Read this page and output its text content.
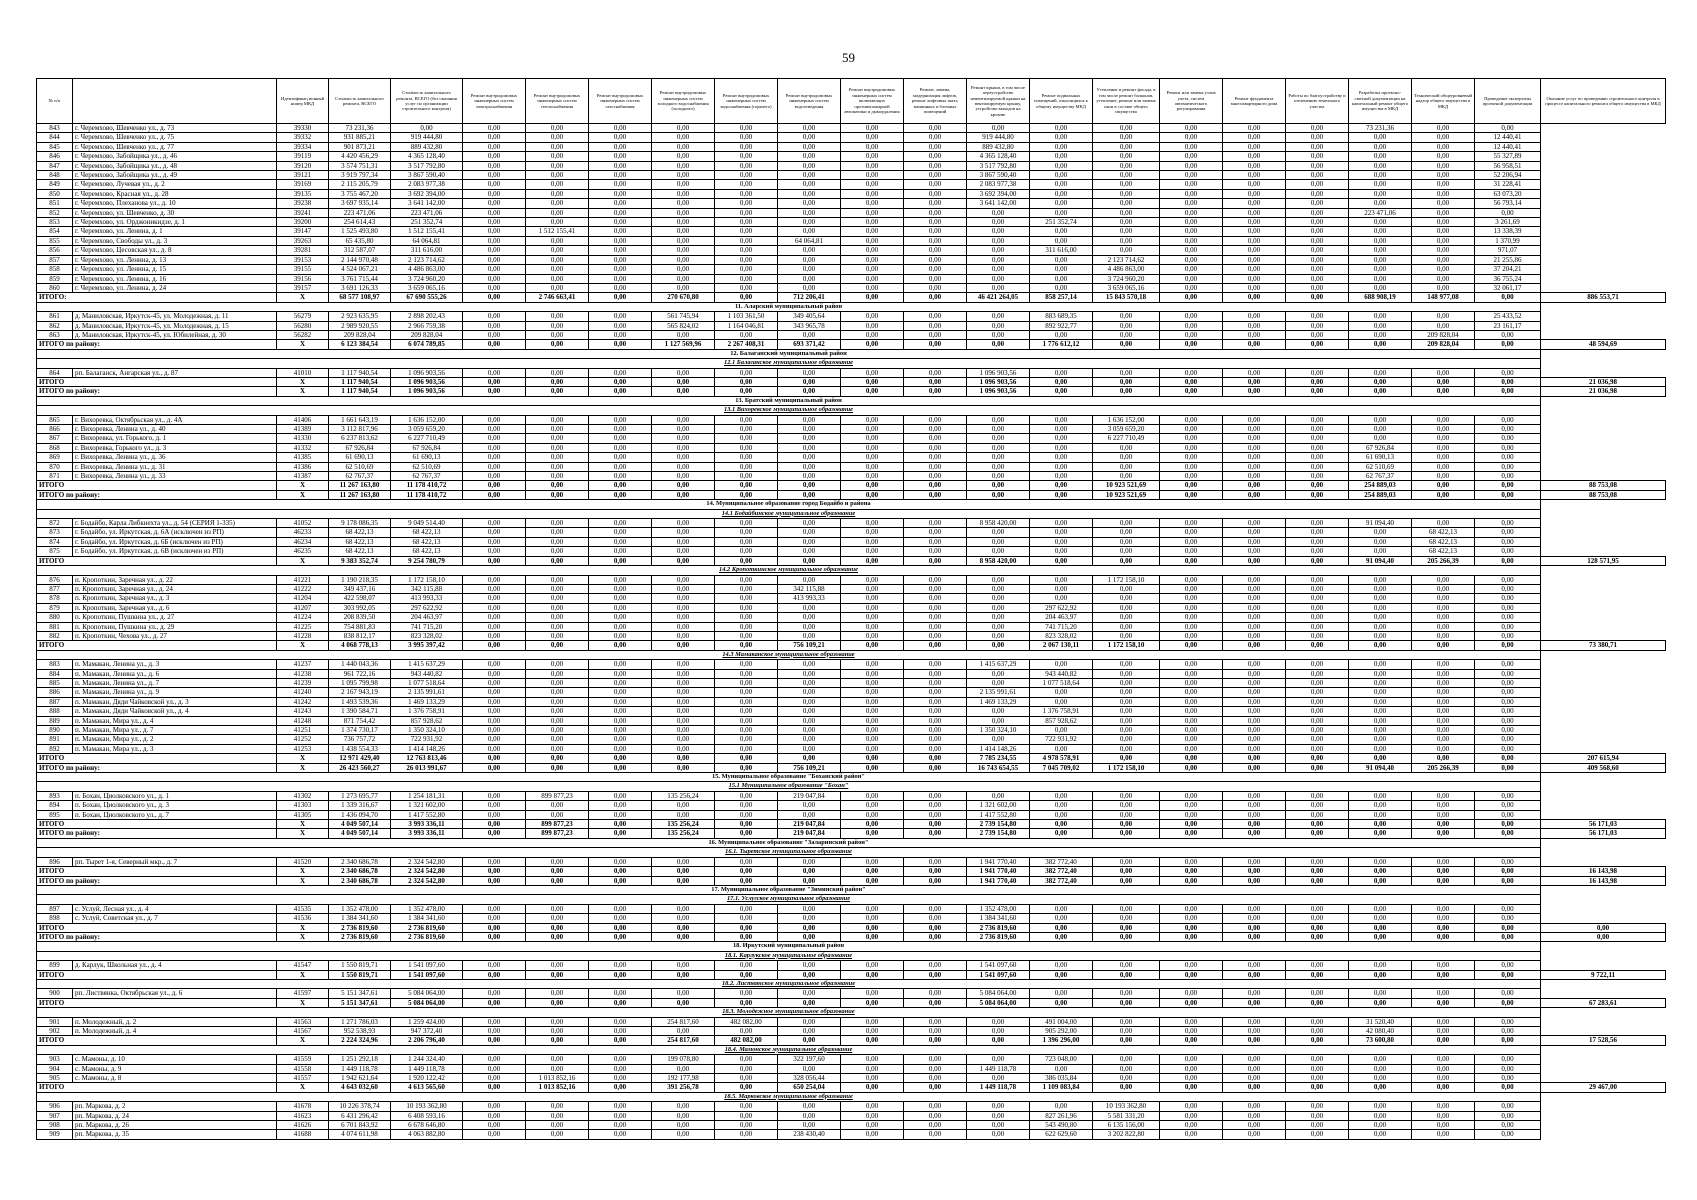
59
№ п/п		Идентификац ионный номер МКД	Стоимость капитального ремонта, ВСЕГО	Стоимость капитального ремонта, ВСЕГО (без оказания услуг по организации строительного контроля)	Ремонт внутридомовых инженерных систем электроснабжения	Ремонт внутридомовых инженерных систем теплоснабжения	Ремонт внутридомовых инженерных систем газоснабжения	Ремонт внутридомовых инженерных систем холодного водоснабжения (холодного)	Ремонт внутридомовых инженерных систем водоснабжения (горячего)	Ремонт внутридомовых инженерных систем водоотведения	Ремонт внутридомовых инженерных систем включающих противопожарной автоматики и дымоудаления	Ремонт, замена, модернизация лифтов, ремонт лифтовых шахт, машинных и блочных помещений	Ремонт крыши, в том числе переустройство невентилируемой крыши на вентилируемую крышу, устройство выходов на кровлю	Ремонт подвальных помещений, относящихся к общему имуществу МКД	Утепление и ремонт фасада, в том числе ремонт балконов, утепление, ремонт или замена окон в составе общего имущества	Ремонт или замена узлов учета, систем автоматического регулирования	Ремонт фундамента многоквартирного дома	Работы по благоустройству и озеленению земельного участка	Разработка проектно-сметной документации на капитальный ремонт общего имущества в МКД	Технический общеуровневый надзор общего имущества в МКД	Проведение экспертизы проектной документации	Оказание услуг по проведению строительного контроля в процессе капитального ремонта общего имущества в МКД
843	г. Черемхово, Шевченко ул., д. 73	39330	73 231,36	0,00	0,00	0,00	0,00	0,00	0,00	0,00	0,00	0,00	0,00	0,00	0,00	0,00	0,00	0,00	73 231,36	0,00	0,00	
844	г. Черемхово, Шевченко ул., д. 75	39332	931 885,21	919 444,80	0,00	0,00	0,00	0,00	0,00	0,00	0,00	0,00	919 444,80	0,00	0,00	0,00	0,00	0,00	0,00	0,00	12 440,41	
845	г. Черемхово, Шевченко ул., д. 77	39334	901 873,21	889 432,80	0,00	0,00	0,00	0,00	0,00	0,00	0,00	0,00	889 432,80	0,00	0,00	0,00	0,00	0,00	0,00	0,00	12 440,41	
846	г. Черемхово, Забойщика ул., д. 46	39119	4 420 456,29	4 365 128,40	0,00	0,00	0,00	0,00	0,00	0,00	0,00	0,00	4 365 128,40	0,00	0,00	0,00	0,00	0,00	0,00	0,00	55 327,89	
847	г. Черемхово, Забойщика ул., д. 48	39120	3 574 751,31	3 517 792,80	0,00	0,00	0,00	0,00	0,00	0,00	0,00	0,00	3 517 792,80	0,00	0,00	0,00	0,00	0,00	0,00	0,00	56 958,51	
848	г. Черемхово, Забойщика ул., д. 49	39121	3 919 797,34	3 867 590,40	0,00	0,00	0,00	0,00	0,00	0,00	0,00	0,00	3 867 590,40	0,00	0,00	0,00	0,00	0,00	0,00	0,00	52 206,94	
849	г. Черемхово, Лучевая ул., д. 2	39169	2 115 205,79	2 083 977,38	0,00	0,00	0,00	0,00	0,00	0,00	0,00	0,00	2 083 977,38	0,00	0,00	0,00	0,00	0,00	0,00	0,00	31 228,41	
850	г. Черемхово, Красная ул., д. 28	39135	3 755 467,20	3 692 394,00	0,00	0,00	0,00	0,00	0,00	0,00	0,00	0,00	3 692 394,00	0,00	0,00	0,00	0,00	0,00	0,00	0,00	63 073,20	
851	г. Черемхово, Плеханова ул., д. 10	39238	3 697 935,14	3 641 142,00	0,00	0,00	0,00	0,00	0,00	0,00	0,00	0,00	3 641 142,00	0,00	0,00	0,00	0,00	0,00	0,00	0,00	56 793,14	
852	г. Черемхово, ул. Шевченко, д. 30	39241	223 471,06	223 471,06	0,00	0,00	0,00	0,00	0,00	0,00	0,00	0,00	0,00	0,00	0,00	0,00	0,00	0,00	223 471,06	0,00	0,00	
853	г. Черемхово, ул. Орджоникидзе, д. 1	39200	254 614,43	251 352,74	0,00	0,00	0,00	0,00	0,00	0,00	0,00	0,00	0,00	251 352,74	0,00	0,00	0,00	0,00	0,00	0,00	3 261,69	
854	г. Черемхово, ул. Ленина, д. 1	39147	1 525 493,80	1 512 155,41	0,00	1 512 155,41	0,00	0,00	0,00	0,00	0,00	0,00	0,00	0,00	0,00	0,00	0,00	0,00	0,00	0,00	13 338,39	
855	г. Черемхово, Свободы ул., д. 3	39263	65 435,80	64 064,81	0,00	0,00	0,00	0,00	0,00	64 064,81	0,00	0,00	0,00	0,00	0,00	0,00	0,00	0,00	0,00	0,00	1 370,99	
856	г. Черемхово, Цесовская ул., д. 8	39281	312 587,07	311 616,00	0,00	0,00	0,00	0,00	0,00	0,00	0,00	0,00	0,00	311 616,00	0,00	0,00	0,00	0,00	0,00	0,00	971,07	
857	г. Черемхово, ул. Ленина, д. 13	39153	2 144 970,48	2 123 714,62	0,00	0,00	0,00	0,00	0,00	0,00	0,00	0,00	0,00	0,00	2 123 714,62	0,00	0,00	0,00	0,00	0,00	21 255,86	
858	г. Черемхово, ул. Ленина, д. 15	39155	4 524 067,21	4 486 863,00	0,00	0,00	0,00	0,00	0,00	0,00	0,00	0,00	0,00	0,00	4 486 863,00	0,00	0,00	0,00	0,00	0,00	37 204,21	
859	г. Черемхово, ул. Ленина, д. 16	39156	3 761 715,44	3 724 960,20	0,00	0,00	0,00	0,00	0,00	0,00	0,00	0,00	0,00	0,00	3 724 960,20	0,00	0,00	0,00	0,00	0,00	36 755,24	
860	г. Черемхово, ул. Ленина, д. 24	39157	3 691 126,33	3 659 065,16	0,00	0,00	0,00	0,00	0,00	0,00	0,00	0,00	0,00	0,00	3 659 065,16	0,00	0,00	0,00	0,00	0,00	32 061,17	
ИТОГО:		X	68 577 108,97	67 690 555,26	0,00	2 746 663,41	0,00	270 670,80	0,00	712 206,41	0,00	0,00	46 421 264,05	858 257,14	15 843 570,18	0,00	0,00	0,00	688 908,19	148 977,08	0,00	886 553,71
11. Аларский муниципальный район																						
861	д. Маниловская, Иркутск-45, ул. Молодежная, д. 11	56279	2 923 635,95	2 898 202,43	0,00	0,00	0,00	561 745,94	1 103 361,50	349 405,64	0,00	0,00	0,00	883 689,35	0,00	0,00	0,00	0,00	0,00	0,00	25 433,52	
862	д. Маниловская, Иркутск-45, ул. Молодежная, д. 15	56280	2 989 920,55	2 966 759,38	0,00	0,00	0,00	565 824,02	1 164 046,81	343 965,78	0,00	0,00	0,00	892 922,77	0,00	0,00	0,00	0,00	0,00	0,00	23 161,17	
863	д. Маниловская, Иркутск-45, ул. Юбилейная, д. 30	56282	209 828,04	209 828,04	0,00	0,00	0,00	0,00	0,00	0,00	0,00	0,00	0,00	0,00	0,00	0,00	0,00	0,00	0,00	209 828,04	0,00	
ИТОГО по району:		X	6 123 384,54	6 074 789,85	0,00	0,00	0,00	1 127 569,96	2 267 408,31	693 371,42	0,00	0,00	0,00	1 776 612,12	0,00	0,00	0,00	0,00	0,00	209 828,04	0,00	48 594,69
12. Балаганский муниципальный район																						
12.1 Балаганское муниципальное образование																						
864	рп. Балаганск, Ангарская ул., д. 87	41010	1 117 940,54	1 096 903,56	0,00	0,00	0,00	0,00	0,00	0,00	0,00	0,00	1 096 903,56	0,00	0,00	0,00	0,00	0,00	0,00	0,00	0,00	
ИТОГО		X	1 117 940,54	1 096 903,56	0,00	0,00	0,00	0,00	0,00	0,00	0,00	0,00	1 096 903,56	0,00	0,00	0,00	0,00	0,00	0,00	0,00	0,00	21 036,98
ИТОГО по району:		X	1 117 940,54	1 096 903,56	0,00	0,00	0,00	0,00	0,00	0,00	0,00	0,00	1 096 903,56	0,00	0,00	0,00	0,00	0,00	0,00	0,00	0,00	21 036,98
13. Братский муниципальный район																						
13.1 Вихоревское муниципальное образование																						
865	г. Вихоревка, Октябрьская ул., д. 4А	41406	1 661 643,19	1 636 152,00	0,00	0,00	0,00	0,00	0,00	0,00	0,00	0,00	0,00	0,00	1 636 152,00	0,00	0,00	0,00	0,00	0,00	0,00	
866	г. Вихоревка, Ленина ул., д. 40	41389	3 112 817,96	3 059 659,20	0,00	0,00	0,00	0,00	0,00	0,00	0,00	0,00	0,00	0,00	3 059 659,20	0,00	0,00	0,00	0,00	0,00	0,00	
867	г. Вихоревка, ул. Горького, д. 1	41330	6 237 813,62	6 227 710,49	0,00	0,00	0,00	0,00	0,00	0,00	0,00	0,00	0,00	0,00	6 227 710,49	0,00	0,00	0,00	0,00	0,00	0,00	
868	г. Вихоревка, Горького ул., д. 3	41332	67 926,84	67 926,84	0,00	0,00	0,00	0,00	0,00	0,00	0,00	0,00	0,00	0,00	0,00	0,00	0,00	0,00	67 926,84	0,00	0,00	
869	г. Вихоревка, Ленина ул., д. 36	41385	61 690,13	61 690,13	0,00	0,00	0,00	0,00	0,00	0,00	0,00	0,00	0,00	0,00	0,00	0,00	0,00	0,00	61 690,13	0,00	0,00	
870	г. Вихоревка, Ленина ул., д. 31	41386	62 510,69	62 510,69	0,00	0,00	0,00	0,00	0,00	0,00	0,00	0,00	0,00	0,00	0,00	0,00	0,00	0,00	62 510,69	0,00	0,00	
871	г. Вихоревка, Ленина ул., д. 33	41387	62 767,37	62 767,37	0,00	0,00	0,00	0,00	0,00	0,00	0,00	0,00	0,00	0,00	0,00	0,00	0,00	0,00	62 767,37	0,00	0,00	
ИТОГО		X	11 267 163,80	11 178 410,72	0,00	0,00	0,00	0,00	0,00	0,00	0,00	0,00	0,00	0,00	10 923 521,69	0,00	0,00	0,00	254 889,03	0,00	0,00	88 753,08
ИТОГО по району:		X	11 267 163,80	11 178 410,72	0,00	0,00	0,00	0,00	0,00	0,00	0,00	0,00	0,00	0,00	10 923 521,69	0,00	0,00	0,00	254 889,03	0,00	0,00	88 753,08
14. Муниципальное образование город Бодайбо и района																						
14.1 Бодайбинское муниципальное образование																						
872	г. Бодайбо, Карла Либкнехта ул., д. 54 (СЕРИЯ 1-335)	41052	9 178 086,35	9 049 514,40	0,00	0,00	0,00	0,00	0,00	0,00	0,00	0,00	8 958 420,00	0,00	0,00	0,00	0,00	0,00	91 094,40	0,00	0,00	
873	г. Бодайбо, ул. Иркутская, д. 6А (исключен из РП)	46233	68 422,13	68 422,13	0,00	0,00	0,00	0,00	0,00	0,00	0,00	0,00	0,00	0,00	0,00	0,00	0,00	0,00	0,00	68 422,13	0,00	
874	г. Бодайбо, ул. Иркутская, д. 6Б (исключен из РП)	46234	68 422,13	68 422,13	0,00	0,00	0,00	0,00	0,00	0,00	0,00	0,00	0,00	0,00	0,00	0,00	0,00	0,00	0,00	68 422,13	0,00	
875	г. Бодайбо, ул. Иркутская, д. 6В (исключен из РП)	46235	68 422,13	68 422,13	0,00	0,00	0,00	0,00	0,00	0,00	0,00	0,00	0,00	0,00	0,00	0,00	0,00	0,00	0,00	68 422,13	0,00	
ИТОГО		X	9 383 352,74	9 254 780,79	0,00	0,00	0,00	0,00	0,00	0,00	0,00	0,00	8 958 420,00	0,00	0,00	0,00	0,00	0,00	91 094,40	205 266,39	0,00	128 571,95
14.2 Кропоткинское муниципальное образование																						
876	п. Кропоткин, Заречная ул., д. 22	41221	1 190 218,35	1 172 158,10	0,00	0,00	0,00	0,00	0,00	0,00	0,00	0,00	0,00	0,00	1 172 158,10	0,00	0,00	0,00	0,00	0,00	0,00	
877	п. Кропоткин, Заречная ул., д. 24	41222	349 437,16	342 115,88	0,00	0,00	0,00	0,00	0,00	342 115,88	0,00	0,00	0,00	0,00	0,00	0,00	0,00	0,00	0,00	0,00	0,00	
878	п. Кропоткин, Заречная ул., д. 3	41204	422 598,07	413 993,33	0,00	0,00	0,00	0,00	0,00	413 993,33	0,00	0,00	0,00	0,00	0,00	0,00	0,00	0,00	0,00	0,00	0,00	
879	п. Кропоткин, Заречная ул., д. 6	41207	303 992,05	297 622,92	0,00	0,00	0,00	0,00	0,00	0,00	0,00	0,00	0,00	297 622,92	0,00	0,00	0,00	0,00	0,00	0,00	0,00	
880	п. Кропоткин, Пушкина ул., д. 27	41224	208 839,50	204 463,97	0,00	0,00	0,00	0,00	0,00	0,00	0,00	0,00	0,00	204 463,97	0,00	0,00	0,00	0,00	0,00	0,00	0,00	
881	п. Кропоткин, Пушкина ул., д. 29	41225	754 881,83	741 715,20	0,00	0,00	0,00	0,00	0,00	0,00	0,00	0,00	0,00	741 715,20	0,00	0,00	0,00	0,00	0,00	0,00	0,00	
882	п. Кропоткин, Чехова ул., д. 27	41228	838 812,17	823 328,02	0,00	0,00	0,00	0,00	0,00	0,00	0,00	0,00	0,00	823 328,02	0,00	0,00	0,00	0,00	0,00	0,00	0,00	
ИТОГО		X	4 068 778,13	3 995 397,42	0,00	0,00	0,00	0,00	0,00	756 109,21	0,00	0,00	0,00	2 067 130,11	1 172 158,10	0,00	0,00	0,00	0,00	0,00	0,00	73 380,71
14.3 Мамаканское муниципальное образование																						
883	п. Мамакан, Ленина ул., д. 3	41237	1 440 043,36	1 415 637,29	0,00	0,00	0,00	0,00	0,00	0,00	0,00	0,00	1 415 637,29	0,00	0,00	0,00	0,00	0,00	0,00	0,00	0,00	
884	п. Мамакан, Ленина ул., д. 6	41238	961 722,16	943 440,82	0,00	0,00	0,00	0,00	0,00	0,00	0,00	0,00	0,00	943 440,82	0,00	0,00	0,00	0,00	0,00	0,00	0,00	
885	п. Мамакан, Ленина ул., д. 7	41239	1 095 799,98	1 077 518,64	0,00	0,00	0,00	0,00	0,00	0,00	0,00	0,00	0,00	1 077 518,64	0,00	0,00	0,00	0,00	0,00	0,00	0,00	
886	п. Мамакан, Ленина ул., д. 9	41240	2 167 943,19	2 135 991,61	0,00	0,00	0,00	0,00	0,00	0,00	0,00	0,00	2 135 991,61	0,00	0,00	0,00	0,00	0,00	0,00	0,00	0,00	
887	п. Мамакан, Дяди Чайковской ул., д. 3	41242	1 493 539,36	1 469 133,29	0,00	0,00	0,00	0,00	0,00	0,00	0,00	0,00	1 469 133,29	0,00	0,00	0,00	0,00	0,00	0,00	0,00	0,00	
888	п. Мамакан, Дяди Чайковской ул., д. 4	41243	1 390 584,71	1 376 758,91	0,00	0,00	0,00	0,00	0,00	0,00	0,00	0,00	0,00	1 376 758,91	0,00	0,00	0,00	0,00	0,00	0,00	0,00	
889	п. Мамакан, Мира ул., д. 4	41248	871 754,42	857 928,62	0,00	0,00	0,00	0,00	0,00	0,00	0,00	0,00	0,00	857 928,62	0,00	0,00	0,00	0,00	0,00	0,00	0,00	
890	п. Мамакан, Мира ул., д. 7	41251	1 374 730,17	1 350 324,10	0,00	0,00	0,00	0,00	0,00	0,00	0,00	0,00	1 350 324,10	0,00	0,00	0,00	0,00	0,00	0,00	0,00	0,00	
891	п. Мамакан, Мира ул., д. 2	41252	736 757,72	722 931,92	0,00	0,00	0,00	0,00	0,00	0,00	0,00	0,00	0,00	722 931,92	0,00	0,00	0,00	0,00	0,00	0,00	0,00	
892	п. Мамакан, Мира ул., д. 3	41253	1 438 554,33	1 414 148,26	0,00	0,00	0,00	0,00	0,00	0,00	0,00	0,00	1 414 148,26	0,00	0,00	0,00	0,00	0,00	0,00	0,00	0,00	
ИТОГО		X	12 971 429,40	12 763 813,46	0,00	0,00	0,00	0,00	0,00	0,00	0,00	0,00	7 785 234,55	4 978 578,91	0,00	0,00	0,00	0,00	0,00	0,00	0,00	207 615,94
ИТОГО по району:		X	26 423 560,27	26 013 991,67	0,00	0,00	0,00	0,00	0,00	756 109,21	0,00	0,00	16 743 654,55	7 045 709,02	1 172 158,10	0,00	0,00	0,00	91 094,40	205 266,39	0,00	409 568,60
15. Муниципальное образование "Боханский район"																						
15.1 Муниципальное образование "Бохан"																						
893	п. Бохан, Циолковского ул., д. 1	41302	1 273 695,77	1 254 181,31	0,00	899 877,23	0,00	135 256,24	0,00	219 047,84	0,00	0,00	0,00	0,00	0,00	0,00	0,00	0,00	0,00	0,00	0,00	
894	п. Бохан, Циолковского ул., д. 3	41303	1 339 316,67	1 321 602,00	0,00	0,00	0,00	0,00	0,00	0,00	0,00	0,00	1 321 602,00	0,00	0,00	0,00	0,00	0,00	0,00	0,00	0,00	
895	п. Бохан, Циолковского ул., д. 7	41305	1 436 094,70	1 417 552,80	0,00	0,00	0,00	0,00	0,00	0,00	0,00	0,00	1 417 552,80	0,00	0,00	0,00	0,00	0,00	0,00	0,00	0,00	
ИТОГО		X	4 049 507,14	3 993 336,11	0,00	899 877,23	0,00	135 256,24	0,00	219 047,84	0,00	0,00	2 739 154,80	0,00	0,00	0,00	0,00	0,00	0,00	0,00	0,00	56 171,03
ИТОГО по району:		X	4 049 507,14	3 993 336,11	0,00	899 877,23	0,00	135 256,24	0,00	219 047,84	0,00	0,00	2 739 154,80	0,00	0,00	0,00	0,00	0,00	0,00	0,00	0,00	56 171,03
16. Муниципальное образование "Заларинский район"																						
16.1. Тыретское муниципальное образование																						
896	рп. Тырет 1-я, Северный мкр., д. 7	41520	2 340 686,78	2 324 542,80	0,00	0,00	0,00	0,00	0,00	0,00	0,00	0,00	1 941 770,40	382 772,40	0,00	0,00	0,00	0,00	0,00	0,00	0,00	
ИТОГО		X	2 340 686,78	2 324 542,80	0,00	0,00	0,00	0,00	0,00	0,00	0,00	0,00	1 941 770,40	382 772,40	0,00	0,00	0,00	0,00	0,00	0,00	0,00	16 143,98
ИТОГО по району:		X	2 340 686,78	2 324 542,80	0,00	0,00	0,00	0,00	0,00	0,00	0,00	0,00	1 941 770,40	382 772,40	0,00	0,00	0,00	0,00	0,00	0,00	0,00	16 143,98
17. Муниципальное образование "Зиминский район"																						
17.1. Услугское муниципальное образование																						
897	с. Услуй, Лесная ул., д. 4	41535	1 352 478,00	1 352 478,00	0,00	0,00	0,00	0,00	0,00	0,00	0,00	0,00	1 352 478,00	0,00	0,00	0,00	0,00	0,00	0,00	0,00	0,00	
898	с. Услуй, Советская ул., д. 7	41536	1 384 341,60	1 384 341,60	0,00	0,00	0,00	0,00	0,00	0,00	0,00	0,00	1 384 341,60	0,00	0,00	0,00	0,00	0,00	0,00	0,00	0,00	
ИТОГО		X	2 736 819,60	2 736 819,60	0,00	0,00	0,00	0,00	0,00	0,00	0,00	0,00	2 736 819,60	0,00	0,00	0,00	0,00	0,00	0,00	0,00	0,00	0,00
ИТОГО по району:		X	2 736 819,60	2 736 819,60	0,00	0,00	0,00	0,00	0,00	0,00	0,00	0,00	2 736 819,60	0,00	0,00	0,00	0,00	0,00	0,00	0,00	0,00	0,00
18. Иркутский муниципальный район																						
18.1. Карлукское муниципальное образование																						
899	д. Карлук, Школьная ул., д. 4	41547	1 550 819,71	1 541 097,60	0,00	0,00	0,00	0,00	0,00	0,00	0,00	0,00	1 541 097,60	0,00	0,00	0,00	0,00	0,00	0,00	0,00	0,00	
ИТОГО		X	1 550 819,71	1 541 097,60	0,00	0,00	0,00	0,00	0,00	0,00	0,00	0,00	1 541 097,60	0,00	0,00	0,00	0,00	0,00	0,00	0,00	0,00	9 722,11
18.2. Листвянское муниципальное образование																						
900	рп. Листвянка, Октябрьская ул., д. 6	41597	5 151 347,61	5 084 064,00	0,00	0,00	0,00	0,00	0,00	0,00	0,00	0,00	5 084 064,00	0,00	0,00	0,00	0,00	0,00	0,00	0,00	0,00	
ИТОГО		X	5 151 347,61	5 084 064,00	0,00	0,00	0,00	0,00	0,00	0,00	0,00	0,00	5 084 064,00	0,00	0,00	0,00	0,00	0,00	0,00	0,00	0,00	67 283,61
18.3. Молодежное муниципальное образование																						
901	п. Молодежный, д. 2	41563	1 271 786,03	1 259 424,00	0,00	0,00	0,00	254 817,60	482 082,00	0,00	0,00	0,00	0,00	491 004,00	0,00	0,00	0,00	0,00	31 520,40	0,00	0,00	
902	п. Молодежный, д. 4	41567	952 538,93	947 372,40	0,00	0,00	0,00	0,00	0,00	0,00	0,00	0,00	0,00	905 292,00	0,00	0,00	0,00	0,00	42 080,40	0,00	0,00	
ИТОГО		X	2 224 324,96	2 206 796,40	0,00	0,00	0,00	254 817,60	482 082,00	0,00	0,00	0,00	0,00	1 396 296,00	0,00	0,00	0,00	0,00	73 600,80	0,00	0,00	17 528,56
18.4. Мамонское муниципальное образование																						
903	с. Мамоны, д. 10	41559	1 251 292,18	1 244 324,40	0,00	0,00	0,00	199 078,80	0,00	322 197,60	0,00	0,00	0,00	723 048,00	0,00	0,00	0,00	0,00	0,00	0,00	0,00	
904	с. Мамоны, д. 9	41558	1 449 118,78	1 449 118,78	0,00	0,00	0,00	0,00	0,00	0,00	0,00	0,00	1 449 118,78	0,00	0,00	0,00	0,00	0,00	0,00	0,00	0,00	
905	с. Мамоны, д. 8	41557	1 942 621,64	1 920 122,42	0,00	1 013 852,16	0,00	192 177,98	0,00	328 056,44	0,00	0,00	0,00	386 035,84	0,00	0,00	0,00	0,00	0,00	0,00	0,00	
ИТОГО		X	4 643 032,60	4 613 565,60	0,00	1 013 852,16	0,00	391 256,78	0,00	650 254,04	0,00	0,00	1 449 118,78	1 109 083,84	0,00	0,00	0,00	0,00	0,00	0,00	0,00	29 467,00
18.5. Марковское муниципальное образование																						
906	рп. Маркова, д. 2	41678	10 226 378,74	10 193 362,80	0,00	0,00	0,00	0,00	0,00	0,00	0,00	0,00	0,00	0,00	10 193 362,80	0,00	0,00	0,00	0,00	0,00	0,00	
907	рп. Маркова, д. 24	41623	6 431 296,42	6 408 593,16	0,00	0,00	0,00	0,00	0,00	0,00	0,00	0,00	0,00	827 261,96	5 581 331,20	0,00	0,00	0,00	0,00	0,00	0,00	
908	рп. Маркова, д. 26	41626	6 701 843,92	6 678 646,80	0,00	0,00	0,00	0,00	0,00	0,00	0,00	0,00	0,00	543 490,80	6 135 156,00	0,00	0,00	0,00	0,00	0,00	0,00	
909	рп. Маркова, д. 35	41688	4 074 611,98	4 063 882,80	0,00	0,00	0,00	0,00	0,00	238 430,40	0,00	0,00	0,00	622 629,60	3 202 822,80	0,00	0,00	0,00	0,00	0,00	0,00	
